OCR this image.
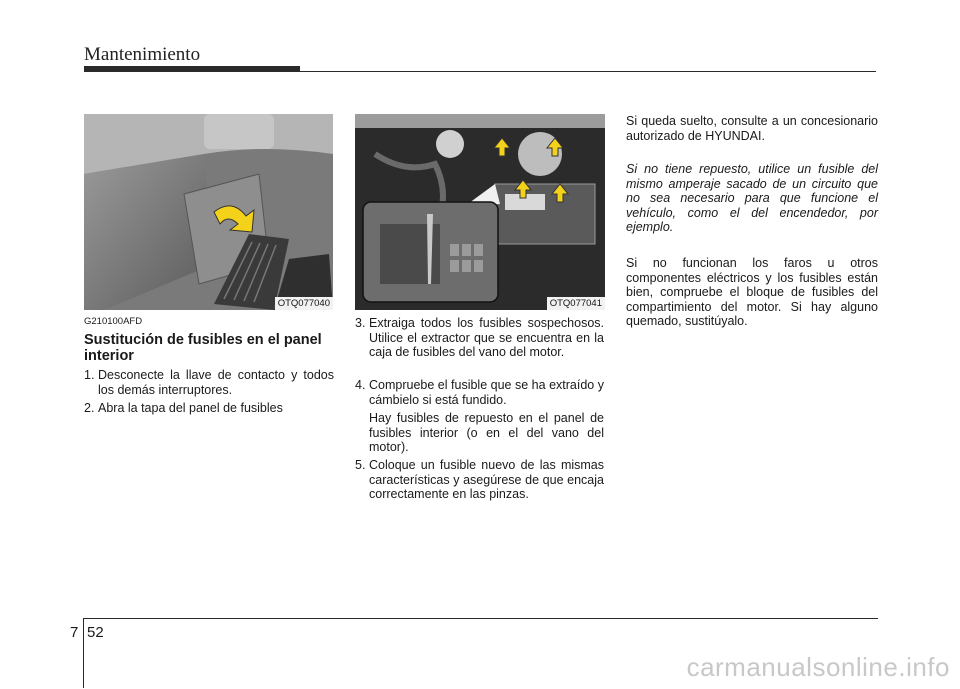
Mantenimiento
OTQ077040	OTQ077041
G210100AFD
Sustitución de fusibles en el panel interior
1. Desconecte la llave de contacto y todos los demás interruptores.
2. Abra la tapa del panel de fusibles
3. Extraiga todos los fusibles sospechosos. Utilice el extractor que se encuentra en la caja de fusibles del vano del motor.
4. Compruebe el fusible que se ha extraído y cámbielo si está fundido.
Hay fusibles de repuesto en el panel de fusibles interior (o en el del vano del motor).
5. Coloque un fusible nuevo de las mismas características y asegúrese de que encaja correctamente en las pinzas.
Si queda suelto, consulte a un concesionario autorizado de HYUNDAI.
Si no tiene repuesto, utilice un fusible del mismo amperaje sacado de un circuito que no sea necesario para que funcione el vehículo, como el del encendedor, por ejemplo.
Si no funcionan los faros u otros componentes eléctricos y los fusibles están bien, compruebe el bloque de fusibles del compartimiento del motor. Si hay alguno quemado, sustitúyalo.
7 52
carmanualsonline.info
